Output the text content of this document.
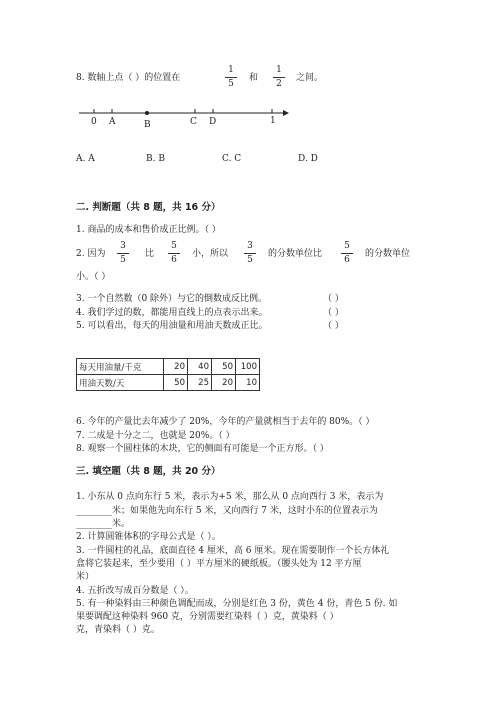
8. 数轴上点（ ）的位置在
1
5
和
1
2
之间。
0 A	B	C D	1
A. A	B. B	C. C	D. D
二. 判断题（共 8 题，共 16 分）
1. 商品的成本和售价成正比例。（ ）
2. 因为
3
5
比
5
6
小，所以
3
5
的分数单位比
5
6
的分数单位
小。（ ）
3. 一个自然数（0 除外）与它的倒数成反比例。	（ ）
4. 我们学过的数，都能用直线上的点表示出来。	（ ）
5. 可以看出，每天的用油量和用油天数成正比。	（ ）
每天用油量/千克	20	40	50	100
用油天数/天	50	25	20	10
6. 今年的产量比去年减少了 20%，今年的产量就相当于去年的 80%。（ ）
7. 二成是十分之二，也就是 20%。（ ）
8. 观察一个圆柱体的木块，它的侧面有可能是一个正方形。（ ）
三. 填空题（共 8 题，共 20 分）
1. 小东从 0 点向东行 5 米，表示为+5 米，那么从 0 点向西行 3 米，表示为
________米；如果他先向东行 5 米，又向西行 7 米，这时小东的位置表示为
________米。
2. 计算圆锥体积的字母公式是（ ）。
3. 一件圆柱的礼品，底面直径 4 厘米，高 6 厘米。现在需要制作一个长方体礼
盒将它装起来，至少要用（ ）平方厘米的硬纸板。（腰头处为 12 平方厘
米）
4. 五折改写成百分数是（ ）。
5. 有一种染料由三种颜色调配而成，分别是红色 3 份，黄色 4 份，青色 5 份. 如
果要调配这种染料 960 克，分别需要红染料（ ）克，黄染料（ ）
克，青染料（ ）克。
